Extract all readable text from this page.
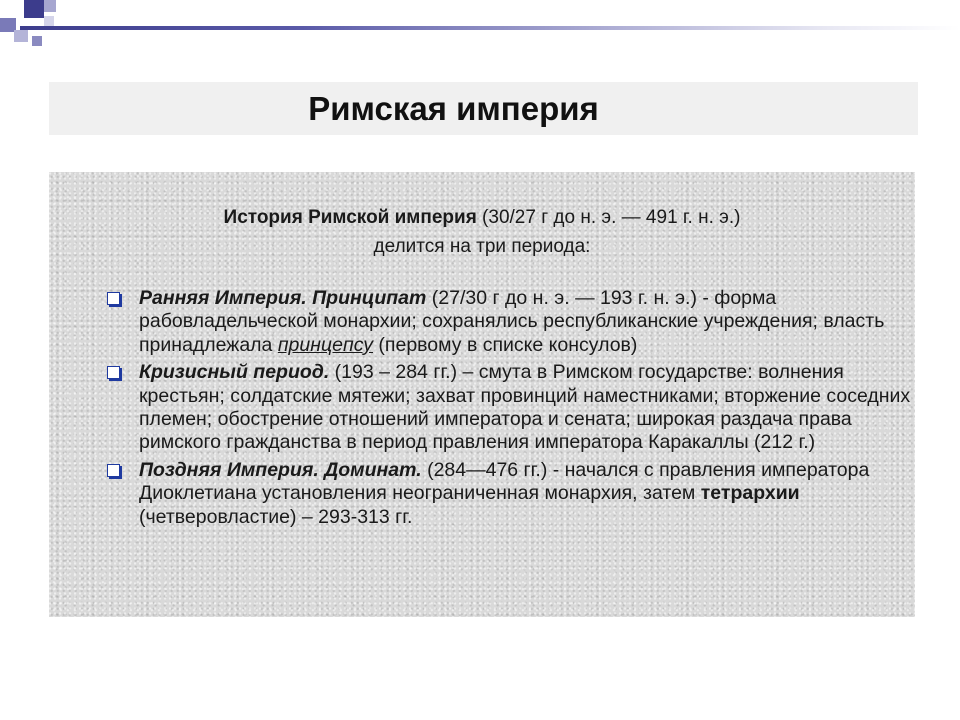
Римская империя
История Римской империя (30/27 г до н. э. — 491 г. н. э.)
делится на три периода:
Ранняя Империя. Принципат (27/30 г до н. э. — 193 г. н. э.) - форма рабовладельческой монархии; сохранялись республиканские учреждения; власть принадлежала принцепсу (первому в списке консулов)
Кризисный период. (193 – 284 гг.) – смута в Римском государстве: волнения крестьян; солдатские мятежи; захват провинций наместниками; вторжение соседних племен; обострение отношений императора и сената; широкая раздача права римского гражданства в период правления императора Каракаллы (212 г.)
Поздняя Империя. Доминат. (284—476 гг.) - начался с правления императора Диоклетиана установления неограниченная монархия, затем тетрархии (четверовластие) – 293-313 гг.
